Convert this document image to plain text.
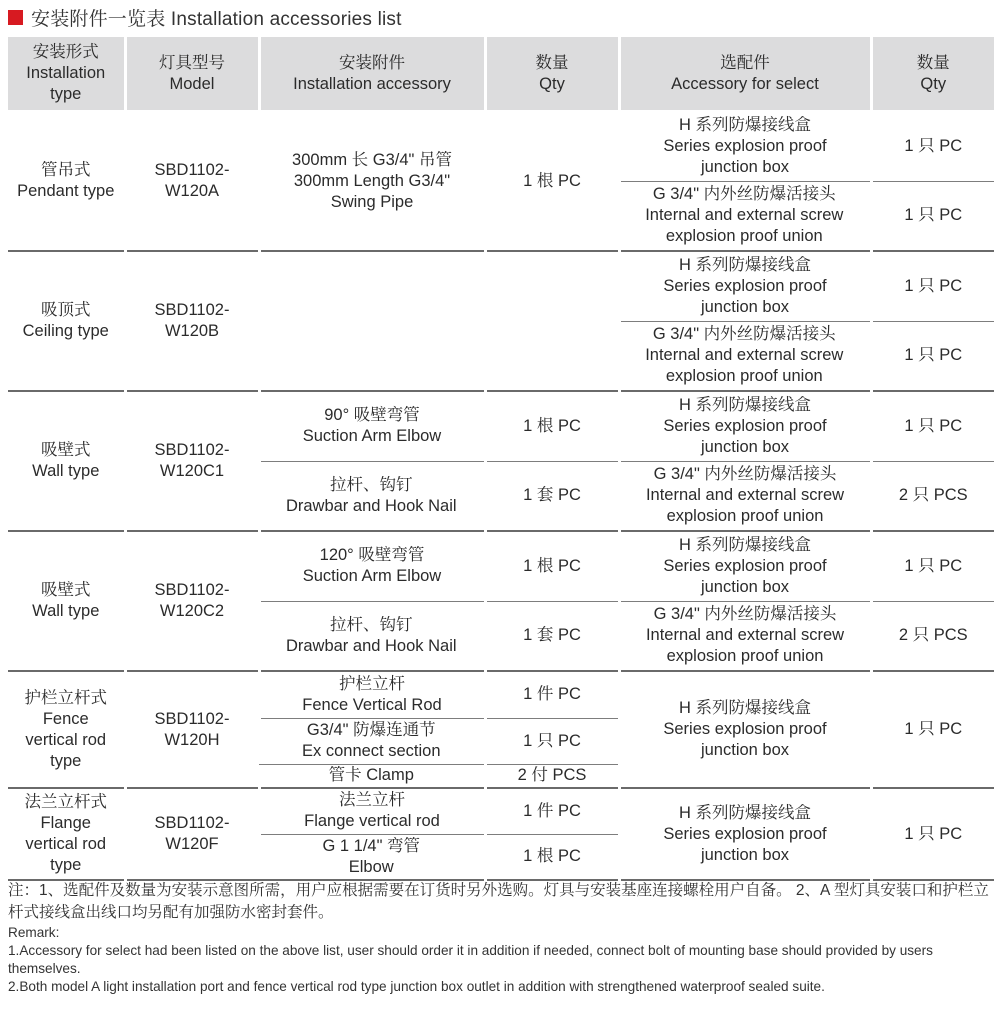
安装附件一览表 Installation accessories list
安装形式
Installation
type	灯具型号
Model	安装附件
Installation accessory	数量
Qty	选配件
Accessory for select	数量
Qty
管吊式
Pendant type	SBD1102-
W120A	300mm 长 G3/4" 吊管
300mm Length G3/4"
Swing Pipe	1 根 PC	H 系列防爆接线盒
Series explosion proof
junction box	1 只 PC
				G 3/4" 内外丝防爆活接头
Internal and external screw
explosion proof union	1 只 PC
吸顶式
Ceiling type	SBD1102-
W120B			H 系列防爆接线盒
Series explosion proof
junction box	1 只 PC
				G 3/4" 内外丝防爆活接头
Internal and external screw
explosion proof union	1 只 PC
吸壁式
Wall type	SBD1102-
W120C1	90° 吸壁弯管
Suction Arm Elbow	1 根 PC	H 系列防爆接线盒
Series explosion proof
junction box	1 只 PC
		拉杆、钩钉
Drawbar and Hook Nail	1 套 PC	G 3/4" 内外丝防爆活接头
Internal and external screw
explosion proof union	2 只 PCS
吸壁式
Wall type	SBD1102-
W120C2	120° 吸壁弯管
Suction Arm Elbow	1 根 PC	H 系列防爆接线盒
Series explosion proof
junction box	1 只 PC
		拉杆、钩钉
Drawbar and Hook Nail	1 套 PC	G 3/4" 内外丝防爆活接头
Internal and external screw
explosion proof union	2 只 PCS
护栏立杆式
Fence
vertical rod
type	SBD1102-
W120H	护栏立杆
Fence Vertical Rod	1 件 PC	H 系列防爆接线盒
Series explosion proof
junction box	1 只 PC
		G3/4" 防爆连通节
Ex connect section	1 只 PC		
		管卡 Clamp	2 付 PCS		
法兰立杆式
Flange
vertical rod
type	SBD1102-
W120F	法兰立杆
Flange vertical rod	1 件 PC	H 系列防爆接线盒
Series explosion proof
junction box	1 只 PC
		G 1 1/4" 弯管
Elbow	1 根 PC		
注：1、选配件及数量为安装示意图所需，用户应根据需要在订货时另外选购。灯具与安装基座连接螺栓用户自备。 2、A 型灯具安装口和护栏立杆式接线盒出线口均另配有加强防水密封套件。
Remark:
1.Accessory for select had been listed on the above list, user should order it in addition if needed, connect bolt of mounting base should provided by users themselves.
2.Both model A light installation port and fence vertical rod type junction box outlet in addition with strengthened waterproof sealed suite.
